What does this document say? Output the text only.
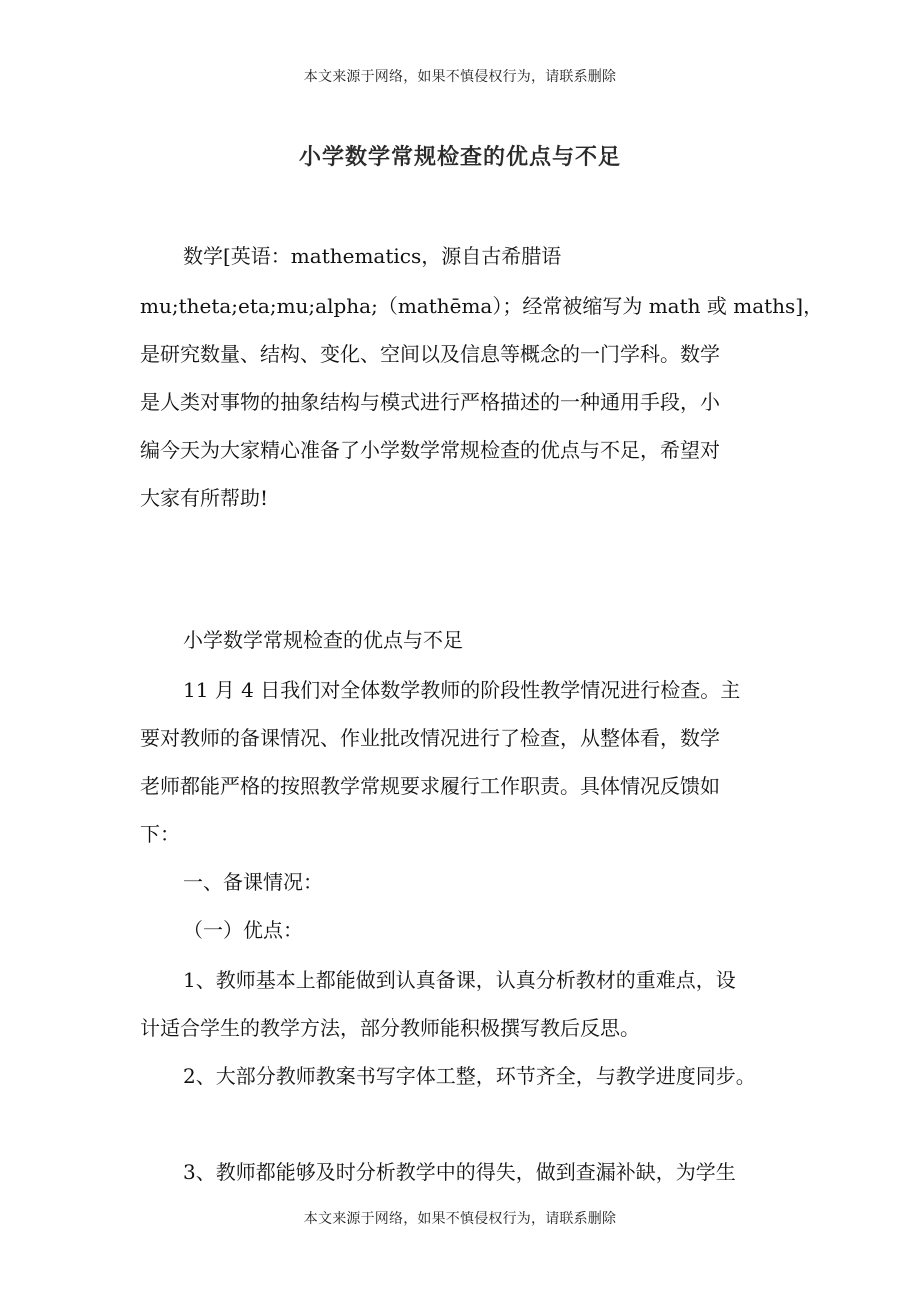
本文来源于网络，如果不慎侵权行为，请联系删除
小学数学常规检查的优点与不足
数学[英语：mathematics，源自古希腊语
mu;theta;eta;mu;alpha;（mathēma）；经常被缩写为 math 或 maths]，
是研究数量、结构、变化、空间以及信息等概念的一门学科。数学
是人类对事物的抽象结构与模式进行严格描述的一种通用手段，小
编今天为大家精心准备了小学数学常规检查的优点与不足，希望对
大家有所帮助!
小学数学常规检查的优点与不足
11 月 4 日我们对全体数学教师的阶段性教学情况进行检查。主
要对教师的备课情况、作业批改情况进行了检查，从整体看，数学
老师都能严格的按照教学常规要求履行工作职责。具体情况反馈如
下：
一、备课情况：
（一）优点：
1、教师基本上都能做到认真备课，认真分析教材的重难点，设
计适合学生的教学方法，部分教师能积极撰写教后反思。
2、大部分教师教案书写字体工整，环节齐全，与教学进度同步。
3、教师都能够及时分析教学中的得失，做到查漏补缺，为学生
本文来源于网络，如果不慎侵权行为，请联系删除
